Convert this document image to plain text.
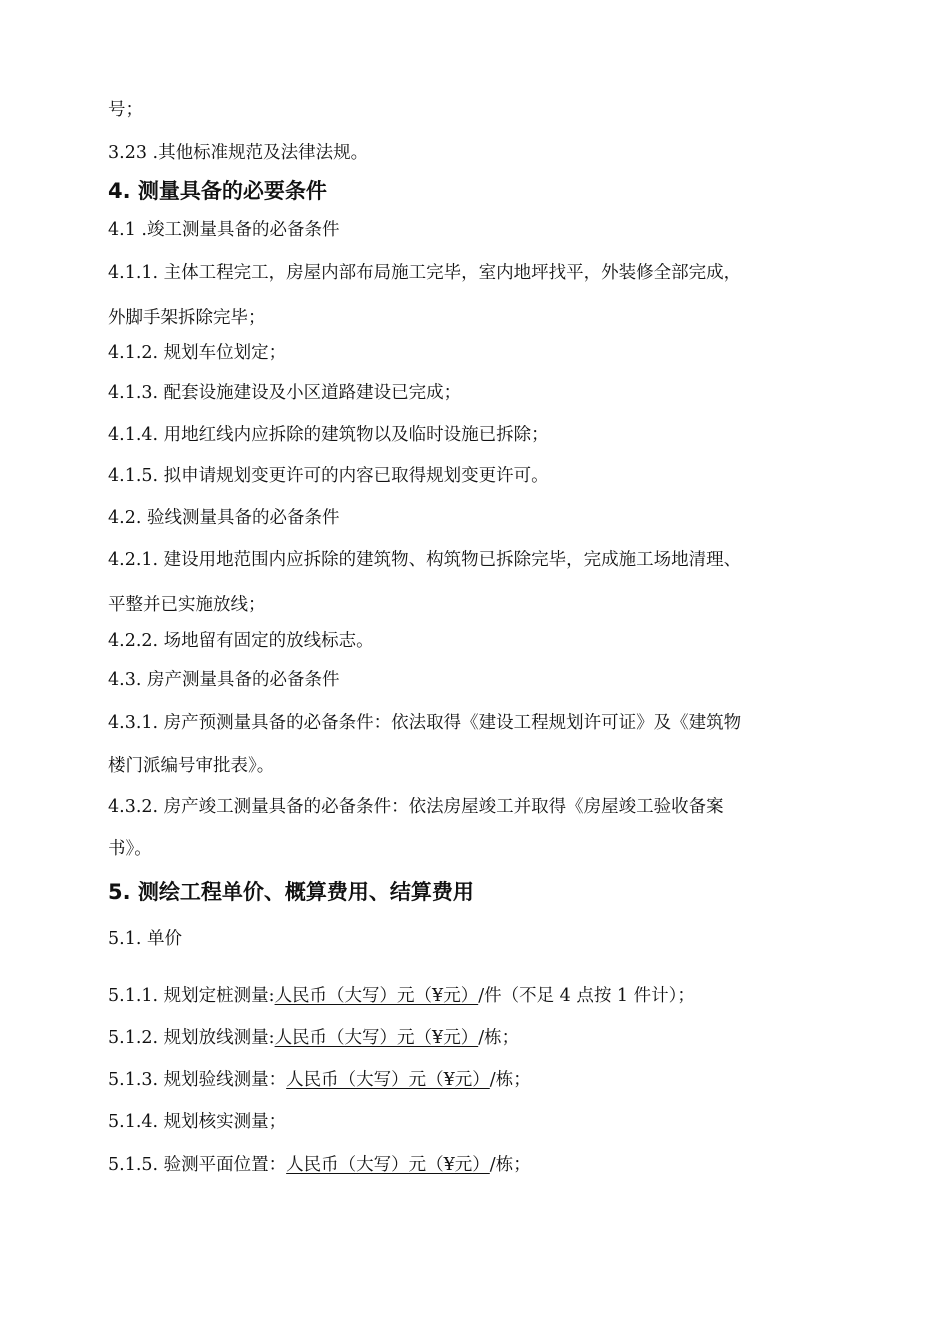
号；
3.23 .其他标准规范及法律法规。
4. 测量具备的必要条件
4.1 .竣工测量具备的必备条件
4.1.1. 主体工程完工，房屋内部布局施工完毕，室内地坪找平，外装修全部完成，
外脚手架拆除完毕；
4.1.2. 规划车位划定；
4.1.3. 配套设施建设及小区道路建设已完成；
4.1.4. 用地红线内应拆除的建筑物以及临时设施已拆除；
4.1.5. 拟申请规划变更许可的内容已取得规划变更许可。
4.2. 验线测量具备的必备条件
4.2.1. 建设用地范围内应拆除的建筑物、构筑物已拆除完毕，完成施工场地清理、
平整并已实施放线；
4.2.2. 场地留有固定的放线标志。
4.3. 房产测量具备的必备条件
4.3.1. 房产预测量具备的必备条件：依法取得《建设工程规划许可证》及《建筑物
楼门派编号审批表》。
4.3.2. 房产竣工测量具备的必备条件：依法房屋竣工并取得《房屋竣工验收备案
书》。
5. 测绘工程单价、概算费用、结算费用
5.1. 单价
5.1.1. 规划定桩测量:人民币（大写）元（¥元）/件（不足 4 点按 1 件计）；
5.1.2. 规划放线测量:人民币（大写）元（¥元）/栋；
5.1.3. 规划验线测量：人民币（大写）元（¥元）/栋；
5.1.4. 规划核实测量；
5.1.5. 验测平面位置：人民币（大写）元（¥元）/栋；
